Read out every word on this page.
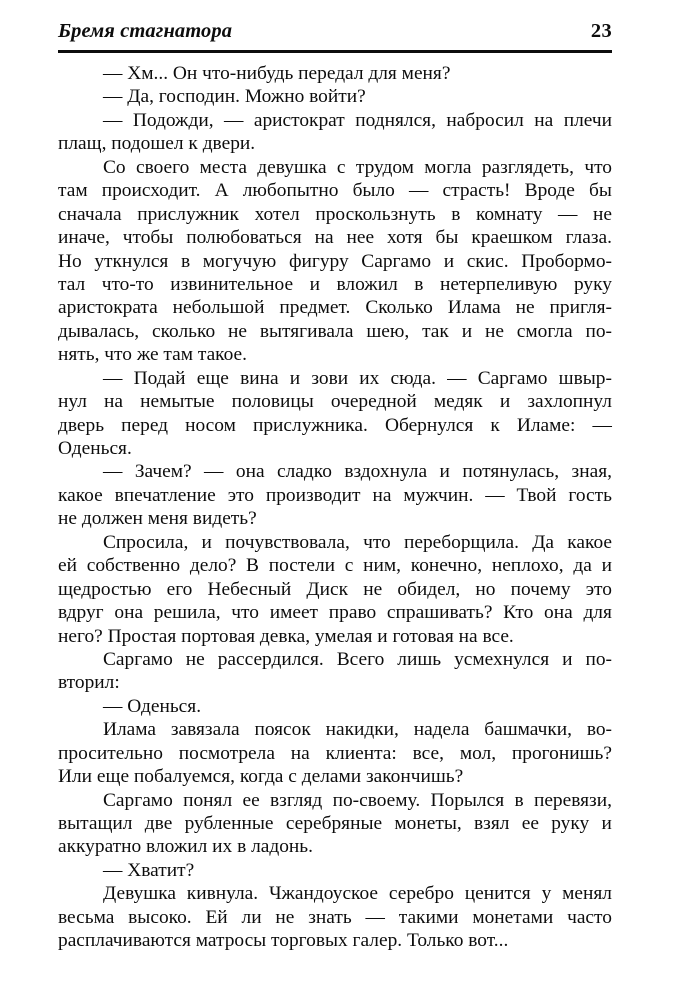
Бремя стагнатора	23
— Хм... Он что-нибудь передал для меня?
— Да, господин. Можно войти?
— Подожди, — аристократ поднялся, набросил на плечи
плащ, подошел к двери.
Со своего места девушка с трудом могла разглядеть, что
там происходит. А любопытно было — страсть! Вроде бы
сначала прислужник хотел проскользнуть в комнату — не
иначе, чтобы полюбоваться на нее хотя бы краешком глаза.
Но уткнулся в могучую фигуру Саргамо и скис. Пробормо-
тал что-то извинительное и вложил в нетерпеливую руку
аристократа небольшой предмет. Сколько Илама не пригля-
дывалась, сколько не вытягивала шею, так и не смогла по-
нять, что же там такое.
— Подай еще вина и зови их сюда. — Саргамо швыр-
нул на немытые половицы очередной медяк и захлопнул
дверь перед носом прислужника. Обернулся к Иламе: —
Оденься.
— Зачем? — она сладко вздохнула и потянулась, зная,
какое впечатление это производит на мужчин. — Твой гость
не должен меня видеть?
Спросила, и почувствовала, что переборщила. Да какое
ей собственно дело? В постели с ним, конечно, неплохо, да и
щедростью его Небесный Диск не обидел, но почему это
вдруг она решила, что имеет право спрашивать? Кто она для
него? Простая портовая девка, умелая и готовая на все.
Саргамо не рассердился. Всего лишь усмехнулся и по-
вторил:
— Оденься.
Илама завязала поясок накидки, надела башмачки, во-
просительно посмотрела на клиента: все, мол, прогонишь?
Или еще побалуемся, когда с делами закончишь?
Саргамо понял ее взгляд по-своему. Порылся в перевязи,
вытащил две рубленные серебряные монеты, взял ее руку и
аккуратно вложил их в ладонь.
— Хватит?
Девушка кивнула. Чжандоуское серебро ценится у менял
весьма высоко. Ей ли не знать — такими монетами часто
расплачиваются матросы торговых галер. Только вот...
